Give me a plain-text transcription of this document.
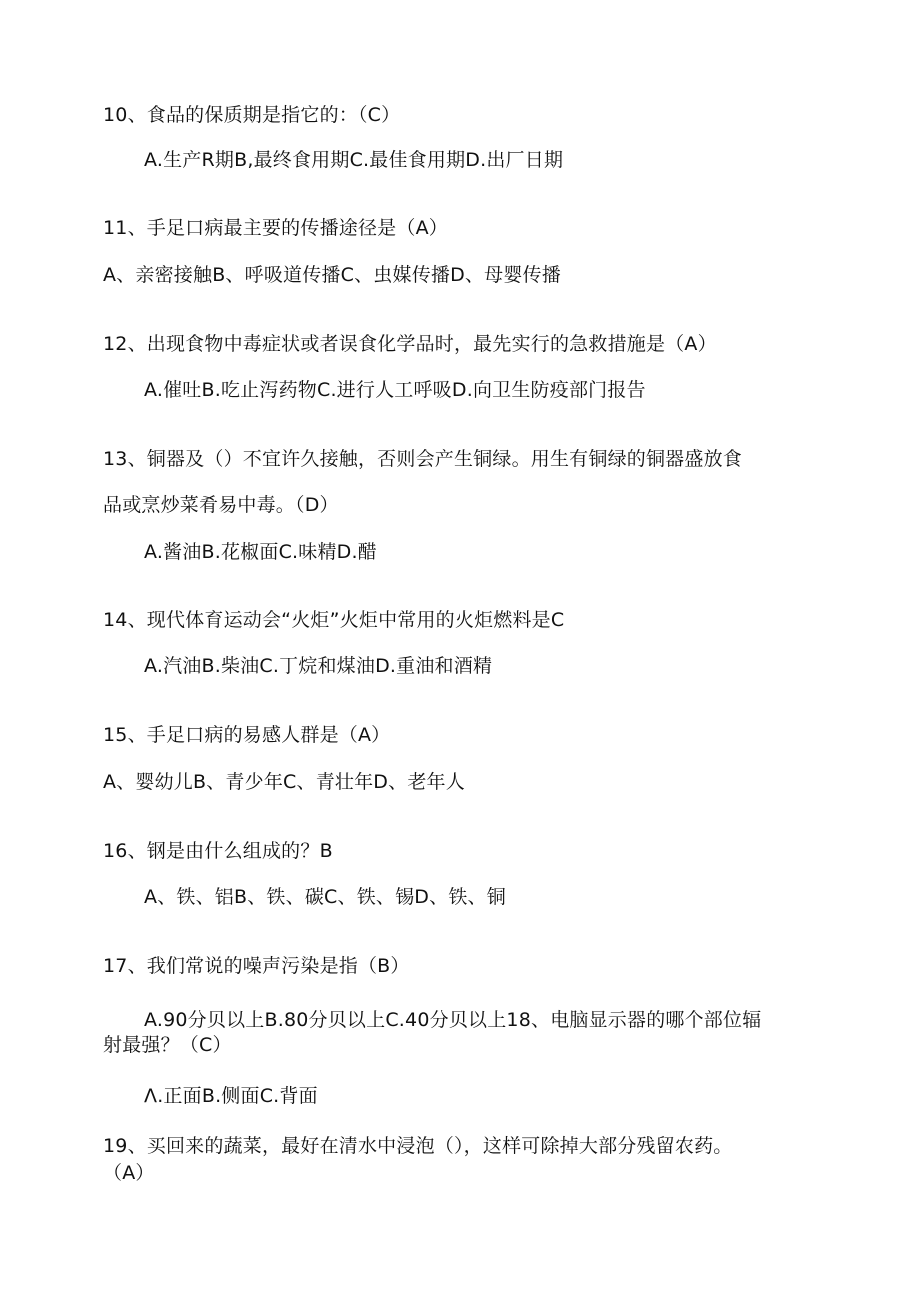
10、食品的保质期是指它的：（C）
A.生产R期B,最终食用期C.最佳食用期D.出厂日期
11、手足口病最主要的传播途径是（A）
A、亲密接触B、呼吸道传播C、虫媒传播D、母婴传播
12、出现食物中毒症状或者误食化学品时，最先实行的急救措施是（A）
A.催吐B.吃止泻药物C.进行人工呼吸D.向卫生防疫部门报告
13、铜器及（）不宜许久接触，否则会产生铜绿。用生有铜绿的铜器盛放食
品或烹炒菜肴易中毒。（D）
A.酱油B.花椒面C.味精D.醋
14、现代体育运动会“火炬”火炬中常用的火炬燃料是C
A.汽油B.柴油C.丁烷和煤油D.重油和酒精
15、手足口病的易感人群是（A）
A、婴幼儿B、青少年C、青壮年D、老年人
16、钢是由什么组成的？B
A、铁、铝B、铁、碳C、铁、锡D、铁、铜
17、我们常说的噪声污染是指（B）
A.90分贝以上B.80分贝以上C.40分贝以上18、电脑显示器的哪个部位辐
射最强？（C）
Λ.正面B.侧面C.背面
19、买回来的蔬菜，最好在清水中浸泡（），这样可除掉大部分残留农药。
（A）
